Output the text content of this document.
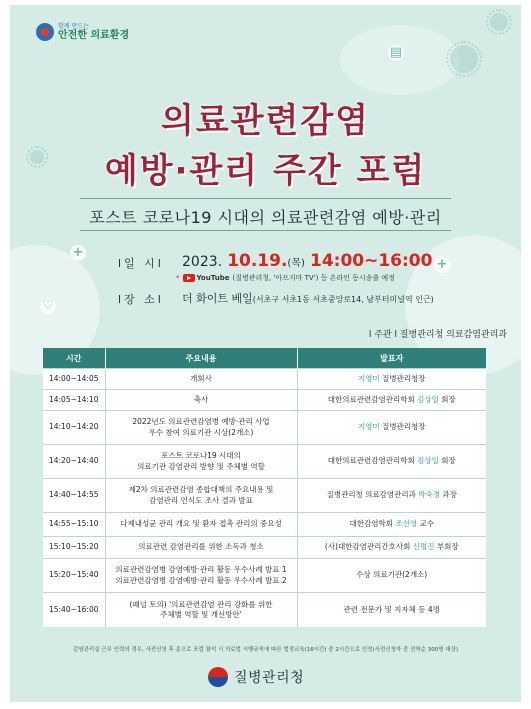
+
+
♡
▤
함께 만드는
안전한 의료환경
의료관련감염
예방·관리 주간 포럼
포스트 코로나19 시대의 의료관련감염 예방·관리
l일 시l 2023. 10.19.(목) 14:00~16:00
* YouTube (질병관리청, '아프지마 TV') 등 온라인 동시송출 예정
l장 소l 더 화이트 베일(서초구 서초1동 서초중앙로14, 남부터미널역 인근)
l 주관 l 질병관리청 의료감염관리과
시간	주요내용	발표자
14:00~14:05	개회사	지영미 질병관리청장
14:05~14:10	축사	대한의료관련감염관리학회 김상일 회장
14:10~14:20	2022년도 의료관련감염병 예방·관리 사업
우수 참여 의료기관 시상(2개소)	지영미 질병관리청장
14:20~14:40	포스트 코로나19 시대의
의료기관 감염관리 방향 및 주체별 역할	대한의료관련감염관리학회 김상일 회장
14:40~14:55	제2차 의료관련감염 종합대책의 주요내용 및
감염관리 인식도 조사 결과 발표	질병관리청 의료감염관리과 박숙경 과장
14:55~15:10	다제내성균 관리 개요 및 환자 접촉 관리의 중요성	대한감염학회 조선영 교수
15:10~15:20	의료관련 감염관리를 위한 소독과 청소	(사)대한감염관리간호사회 신명진 부회장
15:20~15:40	의료관련감염병 감염예방·관리 활동 우수사례 발표 1
의료관련감염병 감염예방·관리 활동 우수사례 발표 2	수상 의료기관(2개소)
15:40~16:00	(패널 토의) '의료관련감염 관리 강화를 위한
주체별 역할 및 개선방안'	관련 전문가 및 지자체 등 4명
감염관리실 근무 인력의 경우, 사전신청 후 종으로 포럼 참석 시 의료법 시행규칙에 따른 법정교육(16시간) 중 2시간으로 인정(사전신청자 중 선착순 300명 대상)
질병관리청
